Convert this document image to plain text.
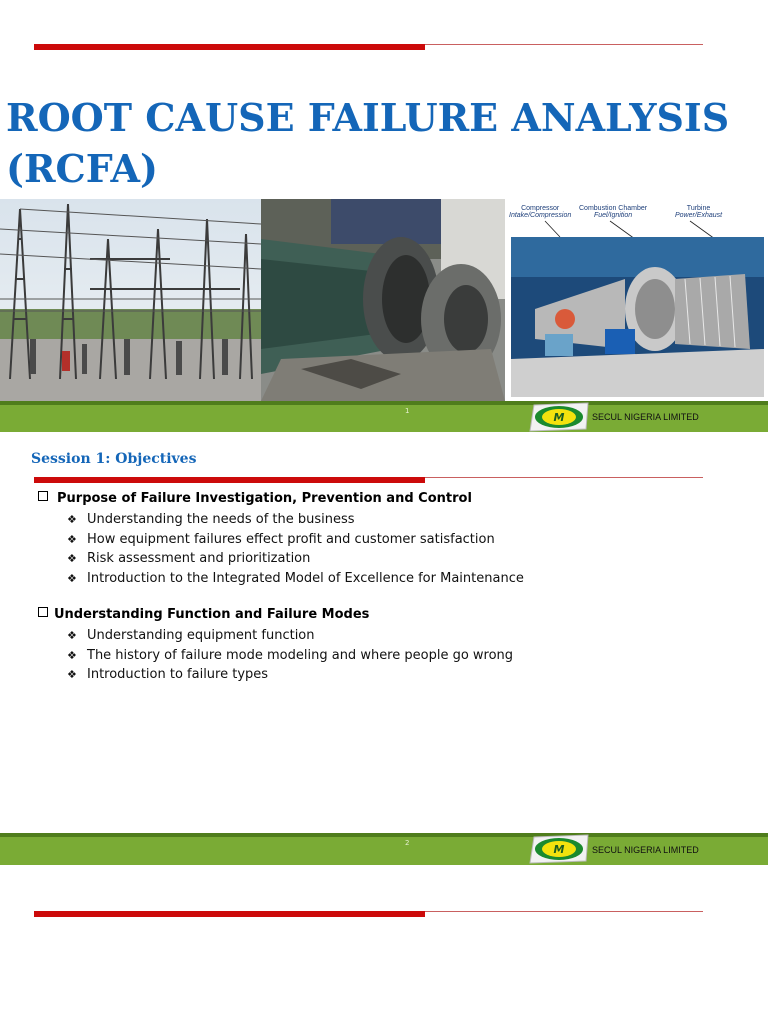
ROOT CAUSE FAILURE ANALYSIS (RCFA)
Compressor
Intake/Compression
Combustion Chamber
Fuel/Ignition
Turbine
Power/Exhaust
1	M	SECUL NIGERIA LIMITED
Session 1: Objectives
Purpose of Failure Investigation, Prevention and Control
❖ Understanding the needs of the business
❖ How equipment failures effect profit and customer satisfaction
❖ Risk assessment and prioritization
❖ Introduction to the Integrated Model of Excellence for Maintenance
Understanding Function and Failure Modes
❖ Understanding equipment function
❖ The history of failure mode modeling and where people go wrong
❖ Introduction to failure types
2	M	SECUL NIGERIA LIMITED
